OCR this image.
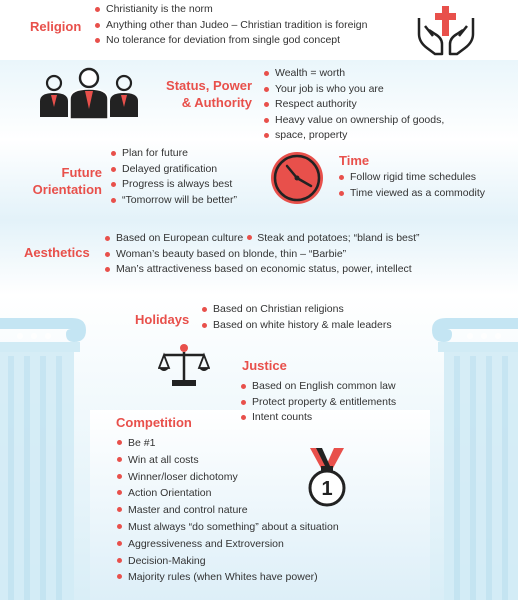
Religion
Christianity is the norm
Anything other than Judeo – Christian tradition is foreign
No tolerance for deviation from single god concept
Status, Power
& Authority
Wealth = worth
Your job is who you are
Respect authority
Heavy value on ownership of goods,
space, property
Future
Orientation
Plan for future
Delayed gratification
Progress is always best
“Tomorrow will be better”
Time
Follow rigid time schedules
Time viewed as a commodity
Aesthetics
Based on European culture Steak and potatoes; “bland is best”
Woman’s beauty based on blonde, thin – “Barbie”
Man’s attractiveness based on economic status, power, intellect
Holidays
Based on Christian religions
Based on white history & male leaders
Justice
Based on English common law
Protect property & entitlements
Intent counts
Competition
Be #1
Win at all costs
Winner/loser dichotomy
Action Orientation
Master and control nature
Must always “do something” about a situation
Aggressiveness and Extroversion
Decision-Making
Majority rules (when Whites have power)
1
